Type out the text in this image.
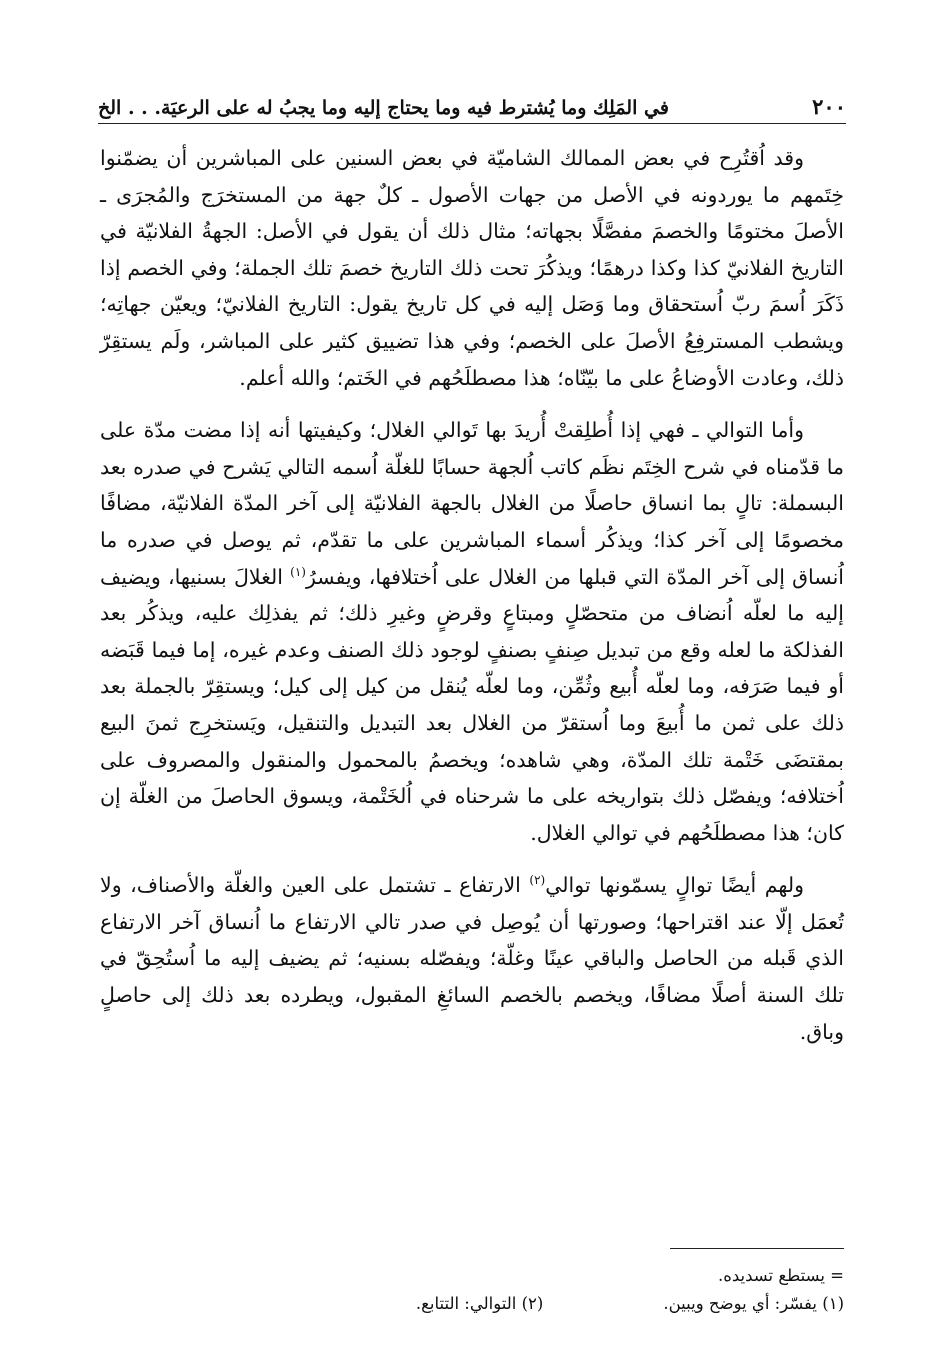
٢٠٠
في المَلِك وما يُشترط فيه وما يحتاج إليه وما يجبُ له على الرعيَة. . . الخ

وقد اُقتُرِح في بعض الممالك الشاميّة في بعض السنين على المباشرين أن يضمّنوا خِتَمهم ما يوردونه في الأصل من جهات الأصول ـ كلٌ جهة من المستخرَج والمُجرَى ـ الأصلَ مختومًا والخصمَ مفصَّلًا بجهاته؛ مثال ذلك أن يقول في الأصل: الجهةُ الفلانيّة في التاريخ الفلانيّ كذا وكذا درهمًا؛ ويذكُرَ تحت ذلك التاريخ خصمَ تلك الجملة؛ وفي الخصم إذا ذَكَرَ اُسمَ ربّ اُستحقاق وما وَصَل إليه في كل تاريخ يقول: التاريخ الفلانيّ؛ ويعيّن جهاتِه؛ ويشطب المسترفِعُ الأصلَ على الخصم؛ وفي هذا تضييق كثير على المباشر، ولَم يستقِرّ ذلك، وعادت الأوضاعُ على ما بيّنّاه؛ هذا مصطلَحُهم في الخَتم؛ والله أعلم.

وأما التوالي ـ فهي إذا أُطلِقتْ أُريدَ بها تَوالي الغلال؛ وكيفيتها أنه إذا مضت مدّة على ما قدّمناه في شرح الخِتَم نظَم كاتب اُلجهة حسابًا للغلّة اُسمه التالي يَشرح في صدره بعد البسملة: تالٍ بما انساق حاصلًا من الغلال بالجهة الفلانيّة إلى آخر المدّة الفلانيّة، مضافًا مخصومًا إلى آخر كذا؛ ويذكُر أسماء المباشرين على ما تقدّم، ثم يوصل في صدره ما اُنساق إلى آخر المدّة التي قبلها من الغلال على اُختلافها، ويفسرُ$^{(١)}$ الغلالَ بسنيها، ويضيف إليه ما لعلّه اُنضاف من متحصّلٍ ومبتاعٍ وقرضٍ وغيرِ ذلك؛ ثم يفذلِك عليه، ويذكُر بعد الفذلكة ما لعله وقع من تبديل صِنفٍ بصنفٍ لوجود ذلك الصنف وعدم غيره، إما فيما قَبَضه أو فيما صَرَفه، وما لعلّه أُبيع وثُمِّن، وما لعلّه يُنقل من كيل إلى كيل؛ ويستقِرّ بالجملة بعد ذلك على ثمن ما أُبيعَ وما اُستقرّ من الغلال بعد التبديل والتنقيل، ويَستخرِج ثمنَ البيع بمقتضَى خَتْمة تلك المدّة، وهي شاهده؛ ويخصمُ بالمحمول والمنقول والمصروف على اُختلافه؛ ويفصّل ذلك بتواريخه على ما شرحناه في اُلخَتْمة، ويسوق الحاصلَ من الغلّة إن كان؛ هذا مصطلَحُهم في توالي الغلال.

ولهم أيضًا توالٍ يسمّونها توالي$^{(٢)}$ الارتفاع ـ تشتمل على العين والغلّة والأصناف، ولا تُعمَل إلّا عند اقتراحها؛ وصورتها أن يُوصِل في صدر تالي الارتفاع ما اُنساق آخر الارتفاع الذي قَبله من الحاصل والباقي عينًا وغلّة؛ ويفصّله بسنيه؛ ثم يضيف إليه ما اُستُحِقّ في تلك السنة أصلًا مضافًا، ويخصم بالخصم السائغِ المقبول، ويطرده بعد ذلك إلى حاصلٍ وباق.

= يستطع تسديده.
(١) يفسّر: أي يوضح ويبين.
(٢) التوالي: التتابع.
